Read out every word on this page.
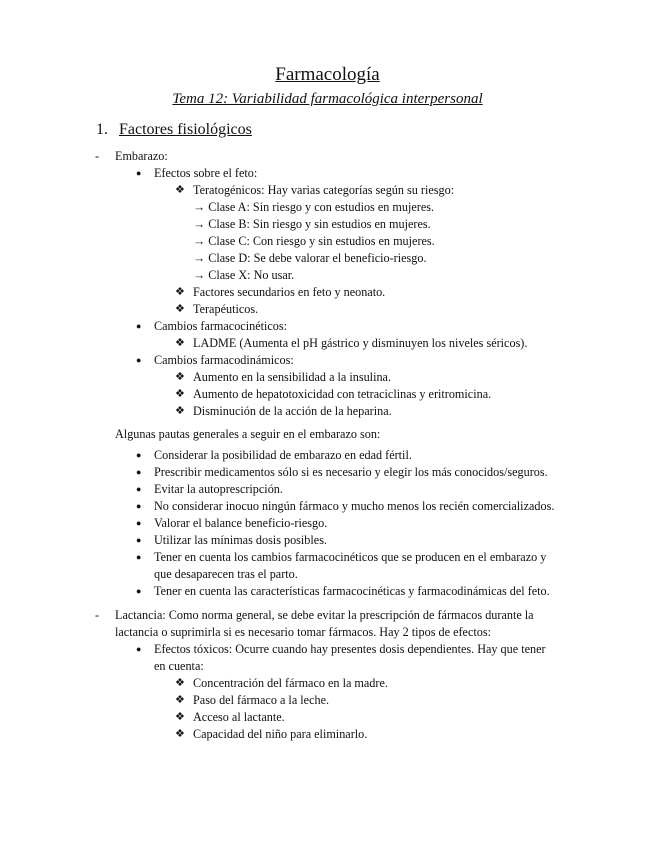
Farmacología
Tema 12: Variabilidad farmacológica interpersonal
1. Factores fisiológicos
- Embarazo:
● Efectos sobre el feto:
❖ Teratogénicos: Hay varias categorías según su riesgo:
→ Clase A: Sin riesgo y con estudios en mujeres.
→ Clase B: Sin riesgo y sin estudios en mujeres.
→ Clase C: Con riesgo y sin estudios en mujeres.
→ Clase D: Se debe valorar el beneficio-riesgo.
→ Clase X: No usar.
❖ Factores secundarios en feto y neonato.
❖ Terapéuticos.
● Cambios farmacocinéticos:
❖ LADME (Aumenta el pH gástrico y disminuyen los niveles séricos).
● Cambios farmacodinámicos:
❖ Aumento en la sensibilidad a la insulina.
❖ Aumento de hepatotoxicidad con tetraciclinas y eritromicina.
❖ Disminución de la acción de la heparina.
Algunas pautas generales a seguir en el embarazo son:
● Considerar la posibilidad de embarazo en edad fértil.
● Prescribir medicamentos sólo si es necesario y elegir los más conocidos/seguros.
● Evitar la autoprescripción.
● No considerar inocuo ningún fármaco y mucho menos los recién comercializados.
● Valorar el balance beneficio-riesgo.
● Utilizar las mínimas dosis posibles.
● Tener en cuenta los cambios farmacocinéticos que se producen en el embarazo y
que desaparecen tras el parto.
● Tener en cuenta las características farmacocinéticas y farmacodinámicas del feto.
- Lactancia: Como norma general, se debe evitar la prescripción de fármacos durante la
lactancia o suprimirla si es necesario tomar fármacos. Hay 2 tipos de efectos:
● Efectos tóxicos: Ocurre cuando hay presentes dosis dependientes. Hay que tener
en cuenta:
❖ Concentración del fármaco en la madre.
❖ Paso del fármaco a la leche.
❖ Acceso al lactante.
❖ Capacidad del niño para eliminarlo.
